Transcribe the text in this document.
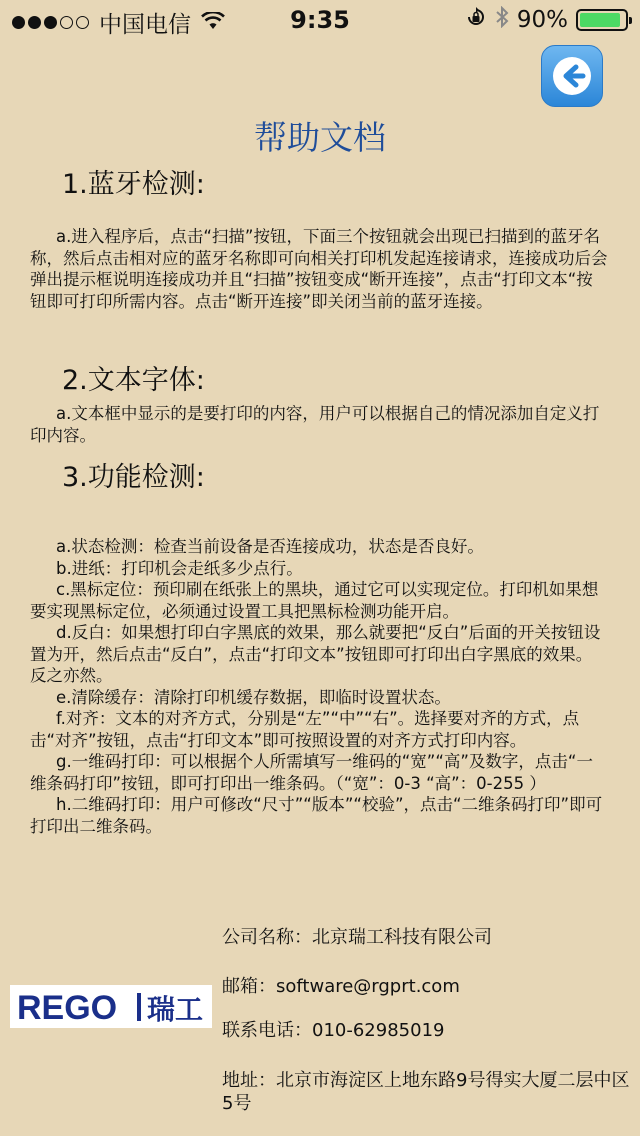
中国电信	9:35	90%
帮助文档
1.蓝牙检测:
a.进入程序后，点击“扫描”按钮，下面三个按钮就会出现已扫描到的蓝牙名称，然后点击相对应的蓝牙名称即可向相关打印机发起连接请求，连接成功后会弹出提示框说明连接成功并且“扫描”按钮变成“断开连接”，点击“打印文本“按钮即可打印所需内容。点击“断开连接”即关闭当前的蓝牙连接。
2.文本字体:
a.文本框中显示的是要打印的内容，用户可以根据自己的情况添加自定义打印内容。
3.功能检测:
a.状态检测：检查当前设备是否连接成功，状态是否良好。
b.进纸：打印机会走纸多少点行。
c.黑标定位：预印刷在纸张上的黑块，通过它可以实现定位。打印机如果想要实现黑标定位，必须通过设置工具把黑标检测功能开启。
d.反白：如果想打印白字黑底的效果，那么就要把“反白”后面的开关按钮设置为开，然后点击“反白”，点击“打印文本”按钮即可打印出白字黑底的效果。反之亦然。
e.清除缓存：清除打印机缓存数据，即临时设置状态。
f.对齐：文本的对齐方式，分别是“左”“中”“右”。选择要对齐的方式，点击“对齐”按钮，点击“打印文本”即可按照设置的对齐方式打印内容。
g.一维码打印：可以根据个人所需填写一维码的“宽”“高”及数字，点击“一维条码打印”按钮，即可打印出一维条码。（“宽”：0-3 “高”：0-255 ）
h.二维码打印：用户可修改“尺寸”“版本”“校验”，点击“二维条码打印”即可打印出二维条码。
公司名称：北京瑞工科技有限公司
邮箱：software@rgprt.com
联系电话：010-62985019
地址：北京市海淀区上地东路9号得实大厦二层中区5号
REGO 瑞工
